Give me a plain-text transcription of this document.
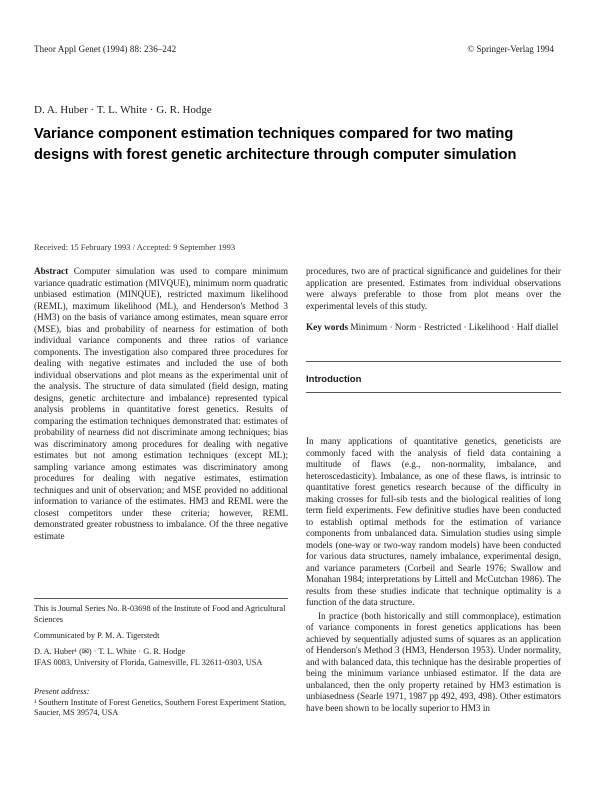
Theor Appl Genet (1994) 88: 236–242	© Springer-Verlag 1994
D. A. Huber · T. L. White · G. R. Hodge
Variance component estimation techniques compared for two mating designs with forest genetic architecture through computer simulation
Received: 15 February 1993 / Accepted: 9 September 1993

Abstract Computer simulation was used to compare minimum variance quadratic estimation (MIVQUE), minimum norm quadratic unbiased estimation (MINQUE), restricted maximum likelihood (REML), maximum likelihood (ML), and Henderson's Method 3 (HM3) on the basis of variance among estimates, mean square error (MSE), bias and probability of nearness for estimation of both individual variance components and three ratios of variance components. The investigation also compared three procedures for dealing with negative estimates and included the use of both individual observations and plot means as the experimental unit of the analysis. The structure of data simulated (field design, mating designs, genetic architecture and imbalance) represented typical analysis problems in quantitative forest genetics. Results of comparing the estimation techniques demonstrated that: estimates of probability of nearness did not discriminate among techniques; bias was discriminatory among procedures for dealing with negative estimates but not among estimation techniques (except ML); sampling variance among estimates was discriminatory among procedures for dealing with negative estimates, estimation techniques and unit of observation; and MSE provided no additional information to variance of the estimates. HM3 and REML were the closest competitors under these criteria; however, REML demonstrated greater robustness to imbalance. Of the three negative estimate

procedures, two are of practical significance and guidelines for their application are presented. Estimates from individual observations were always preferable to those from plot means over the experimental levels of this study.

Key words Minimum · Norm · Restricted · Likelihood · Half diallel

Introduction

In many applications of quantitative genetics, geneticists are commonly faced with the analysis of field data containing a multitude of flaws (e.g., non-normality, imbalance, and heteroscedasticity). Imbalance, as one of these flaws, is intrinsic to quantitative forest genetics research because of the difficulty in making crosses for full-sib tests and the biological realities of long term field experiments. Few definitive studies have been conducted to establish optimal methods for the estimation of variance components from unbalanced data. Simulation studies using simple models (one-way or two-way random models) have been conducted for various data structures, namely imbalance, experimental design, and variance parameters (Corbeil and Searle 1976; Swallow and Monahan 1984; interpretations by Littell and McCutchan 1986). The results from these studies indicate that technique optimality is a function of the data structure.

In practice (both historically and still commonplace), estimation of variance components in forest genetics applications has been achieved by sequentially adjusted sums of squares as an application of Henderson's Method 3 (HM3, Henderson 1953). Under normality, and with balanced data, this technique has the desirable properties of being the minimum variance unbiased estimator. If the data are unbalanced, then the only property retained by HM3 estimation is unbiasedness (Searle 1971, 1987 pp 492, 493, 498). Other estimators have been shown to be locally superior to HM3 in

This is Journal Series No. R-03698 of the Institute of Food and Agricultural Sciences

Communicated by P. M. A. Tigerstedt

D. A. Huber¹ (✉) · T. L. White · G. R. Hodge

IFAS 0083, University of Florida, Gainesville, FL 32611-0303, USA

Present address:

¹ Southern Institute of Forest Genetics, Southern Forest Experiment Station, Saucier, MS 39574, USA
